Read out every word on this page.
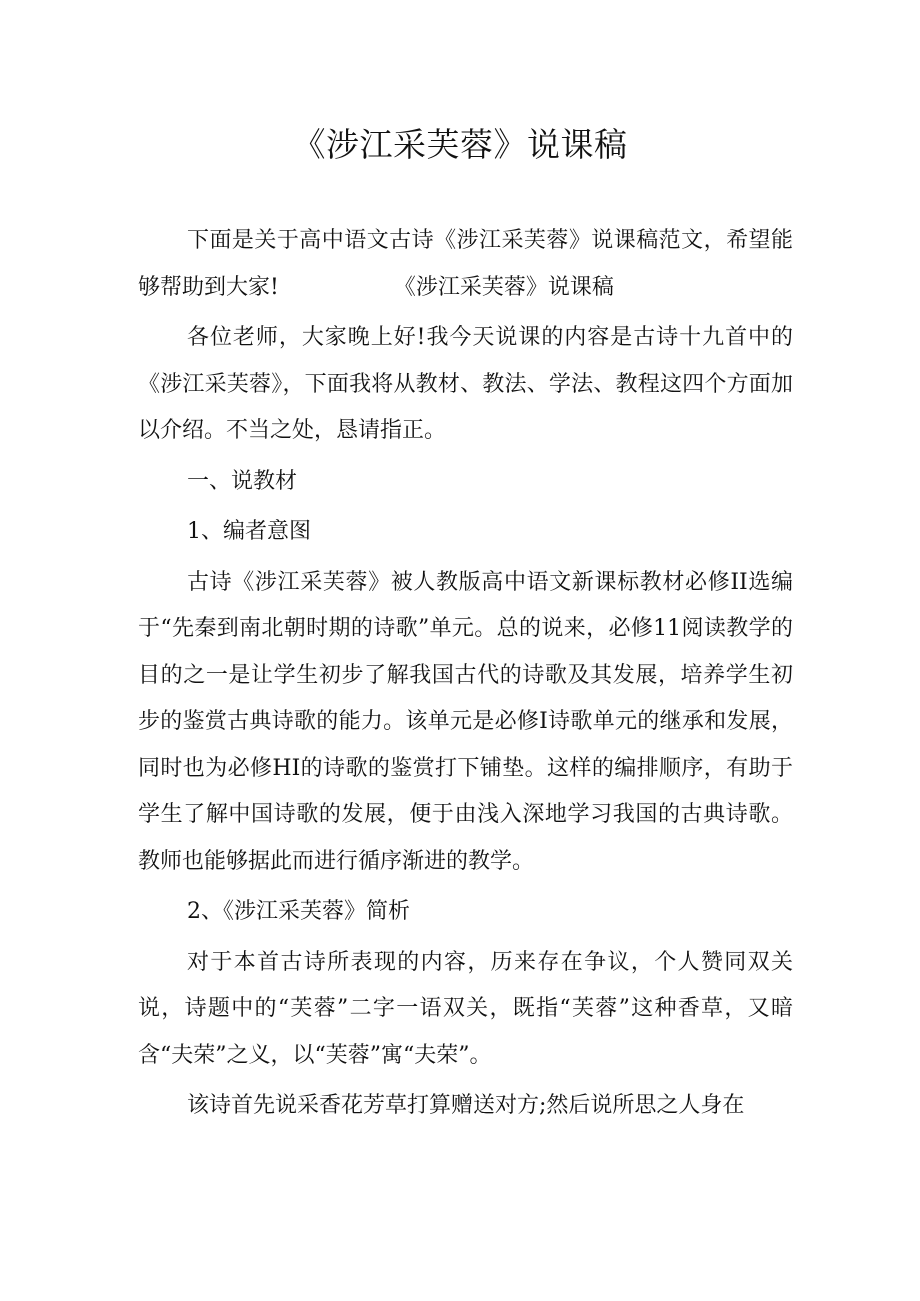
《涉江采芙蓉》说课稿

下面是关于高中语文古诗《涉江采芙蓉》说课稿范文，希望能够帮助到大家!	《涉江采芙蓉》说课稿

各位老师，大家晚上好!我今天说课的内容是古诗十九首中的《涉江采芙蓉》，下面我将从教材、教法、学法、教程这四个方面加以介绍。不当之处，恳请指正。

一、说教材

1、编者意图

古诗《涉江采芙蓉》被人教版高中语文新课标教材必修II选编于“先秦到南北朝时期的诗歌”单元。总的说来，必修11阅读教学的目的之一是让学生初步了解我国古代的诗歌及其发展，培养学生初步的鉴赏古典诗歌的能力。该单元是必修I诗歌单元的继承和发展，同时也为必修HI的诗歌的鉴赏打下铺垫。这样的编排顺序，有助于学生了解中国诗歌的发展，便于由浅入深地学习我国的古典诗歌。教师也能够据此而进行循序渐进的教学。

2、《涉江采芙蓉》简析

对于本首古诗所表现的内容，历来存在争议，个人赞同双关说，诗题中的“芙蓉”二字一语双关，既指“芙蓉”这种香草，又暗含“夫荣”之义，以“芙蓉”寓“夫荣”。

该诗首先说采香花芳草打算赠送对方;然后说所思之人身在
